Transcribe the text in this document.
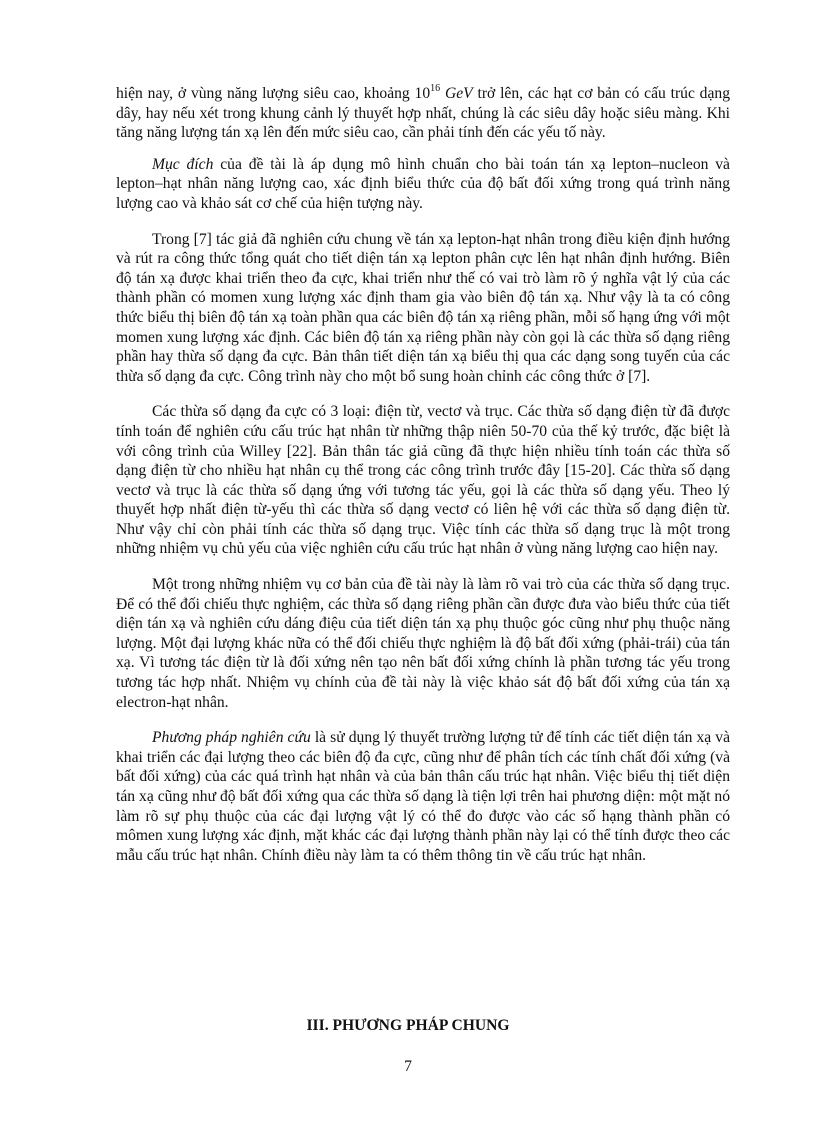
hiện nay, ở vùng năng lượng siêu cao, khoảng $10^{16}$ GeV trở lên, các hạt cơ bản có cấu trúc dạng dây, hay nếu xét trong khung cảnh lý thuyết hợp nhất, chúng là các siêu dây hoặc siêu màng. Khi tăng năng lượng tán xạ lên đến mức siêu cao, cần phải tính đến các yếu tố này.

Mục đích của đề tài là áp dụng mô hình chuẩn cho bài toán tán xạ lepton–nucleon và lepton–hạt nhân năng lượng cao, xác định biểu thức của độ bất đối xứng trong quá trình năng lượng cao và khảo sát cơ chế của hiện tượng này.

Trong [7] tác giả đã nghiên cứu chung về tán xạ lepton-hạt nhân trong điều kiện định hướng và rút ra công thức tổng quát cho tiết diện tán xạ lepton phân cực lên hạt nhân định hướng. Biên độ tán xạ được khai triển theo đa cực, khai triển như thế có vai trò làm rõ ý nghĩa vật lý của các thành phần có momen xung lượng xác định tham gia vào biên độ tán xạ. Như vậy là ta có công thức biểu thị biên độ tán xạ toàn phần qua các biên độ tán xạ riêng phần, mỗi số hạng ứng với một momen xung lượng xác định. Các biên độ tán xạ riêng phần này còn gọi là các thừa số dạng riêng phần hay thừa số dạng đa cực. Bản thân tiết diện tán xạ biểu thị qua các dạng song tuyến của các thừa số dạng đa cực. Công trình này cho một bổ sung hoàn chỉnh các công thức ở [7].

Các thừa số dạng đa cực có 3 loại: điện từ, vectơ và trục. Các thừa số dạng điện từ đã được tính toán để nghiên cứu cấu trúc hạt nhân từ những thập niên 50-70 của thế kỷ trước, đặc biệt là với công trình của Willey [22]. Bản thân tác giả cũng đã thực hiện nhiều tính toán các thừa số dạng điện từ cho nhiều hạt nhân cụ thể trong các công trình trước đây [15-20]. Các thừa số dạng vectơ và trục là các thừa số dạng ứng với tương tác yếu, gọi là các thừa số dạng yếu. Theo lý thuyết hợp nhất điện từ-yếu thì các thừa số dạng vectơ có liên hệ với các thừa số dạng điện từ. Như vậy chỉ còn phải tính các thừa số dạng trục. Việc tính các thừa số dạng trục là một trong những nhiệm vụ chủ yếu của việc nghiên cứu cấu trúc hạt nhân ở vùng năng lượng cao hiện nay.

Một trong những nhiệm vụ cơ bản của đề tài này là làm rõ vai trò của các thừa số dạng trục. Để có thể đối chiếu thực nghiệm, các thừa số dạng riêng phần cần được đưa vào biểu thức của tiết diện tán xạ và nghiên cứu dáng điệu của tiết diện tán xạ phụ thuộc góc cũng như phụ thuộc năng lượng. Một đại lượng khác nữa có thể đối chiếu thực nghiệm là độ bất đối xứng (phải-trái) của tán xạ. Vì tương tác điện từ là đối xứng nên tạo nên bất đối xứng chính là phần tương tác yếu trong tương tác hợp nhất. Nhiệm vụ chính của đề tài này là việc khảo sát độ bất đối xứng của tán xạ electron-hạt nhân.

Phương pháp nghiên cứu là sử dụng lý thuyết trường lượng tử để tính các tiết diện tán xạ và khai triển các đại lượng theo các biên độ đa cực, cũng như để phân tích các tính chất đối xứng (và bất đối xứng) của các quá trình hạt nhân và của bản thân cấu trúc hạt nhân. Việc biểu thị tiết diện tán xạ cũng như độ bất đối xứng qua các thừa số dạng là tiện lợi trên hai phương diện: một mặt nó làm rõ sự phụ thuộc của các đại lượng vật lý có thể đo được vào các số hạng thành phần có mômen xung lượng xác định, mặt khác các đại lượng thành phần này lại có thể tính được theo các mẫu cấu trúc hạt nhân. Chính điều này làm ta có thêm thông tin về cấu trúc hạt nhân.

III. PHƯƠNG PHÁP CHUNG
7
